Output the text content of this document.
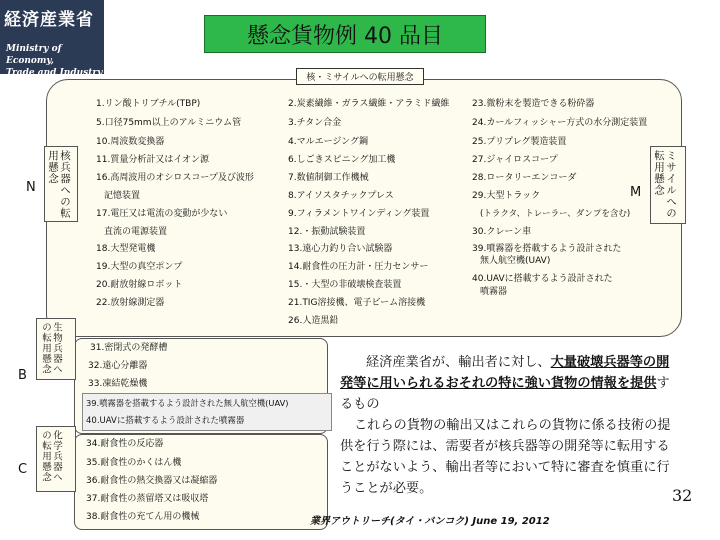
経済産業省
Ministry of Economy,
Trade and Industry
懸念貨物例 40 品目
核・ミサイルへの転用懸念
核兵器への転用懸念
N	ミサイルへの転用懸念
M
1.リン酸トリブチル(TBP)
5.口径75mm以上のアルミニウム管
10.周波数変換器
11.質量分析計又はイオン源
16.高周波用のオシロスコープ及び波形
記憶装置
17.電圧又は電流の変動が少ない
直流の電源装置
18.大型発電機
19.大型の真空ポンプ
20.耐放射線ロボット
22.放射線測定器
2.炭素繊維・ガラス繊維・アラミド繊維
3.チタン合金
4.マルエージング鋼
6.しごきスピニング加工機
7.数値制御工作機械
8.アイソスタチックプレス
9.フィラメントワインディング装置
12.・振動試験装置
13.遠心力釣り合い試験器
14.耐食性の圧力計・圧力センサー
15.・大型の非破壊検査装置
21.TIG溶接機、電子ビーム溶接機
26.人造黒鉛
23.微粉末を製造できる粉砕器
24.カールフィッシャー方式の水分測定装置
25.プリプレグ製造装置
27.ジャイロスコープ
28.ロータリーエンコーダ
29.大型トラック
(トラクタ、トレーラー、ダンプを含む)
30.クレーン車
39.噴霧器を搭載するよう設計された
無人航空機(UAV)
40.UAVに搭載するよう設計された
噴霧器
生物兵器への転用懸念
B
31.密閉式の発酵槽
32.遠心分離器
33.凍結乾燥機
39.噴霧器を搭載するよう設計された無人航空機(UAV)
40.UAVに搭載するよう設計された噴霧器
化学兵器への転用懸念
C
34.耐食性の反応器
35.耐食性のかくはん機
36.耐食性の熱交換器又は凝縮器
37.耐食性の蒸留塔又は吸収塔
38.耐食性の充てん用の機械
経済産業省が、輸出者に対し、大量破壊兵器等の開発等に用いられるおそれの特に強い貨物の情報を提供するもの
これらの貨物の輸出又はこれらの貨物に係る技術の提供を行う際には、需要者が核兵器等の開発等に転用することがないよう、輸出者等において特に審査を慎重に行うことが必要。	32
業界アウトリーチ(タイ・バンコク) June 19, 2012
